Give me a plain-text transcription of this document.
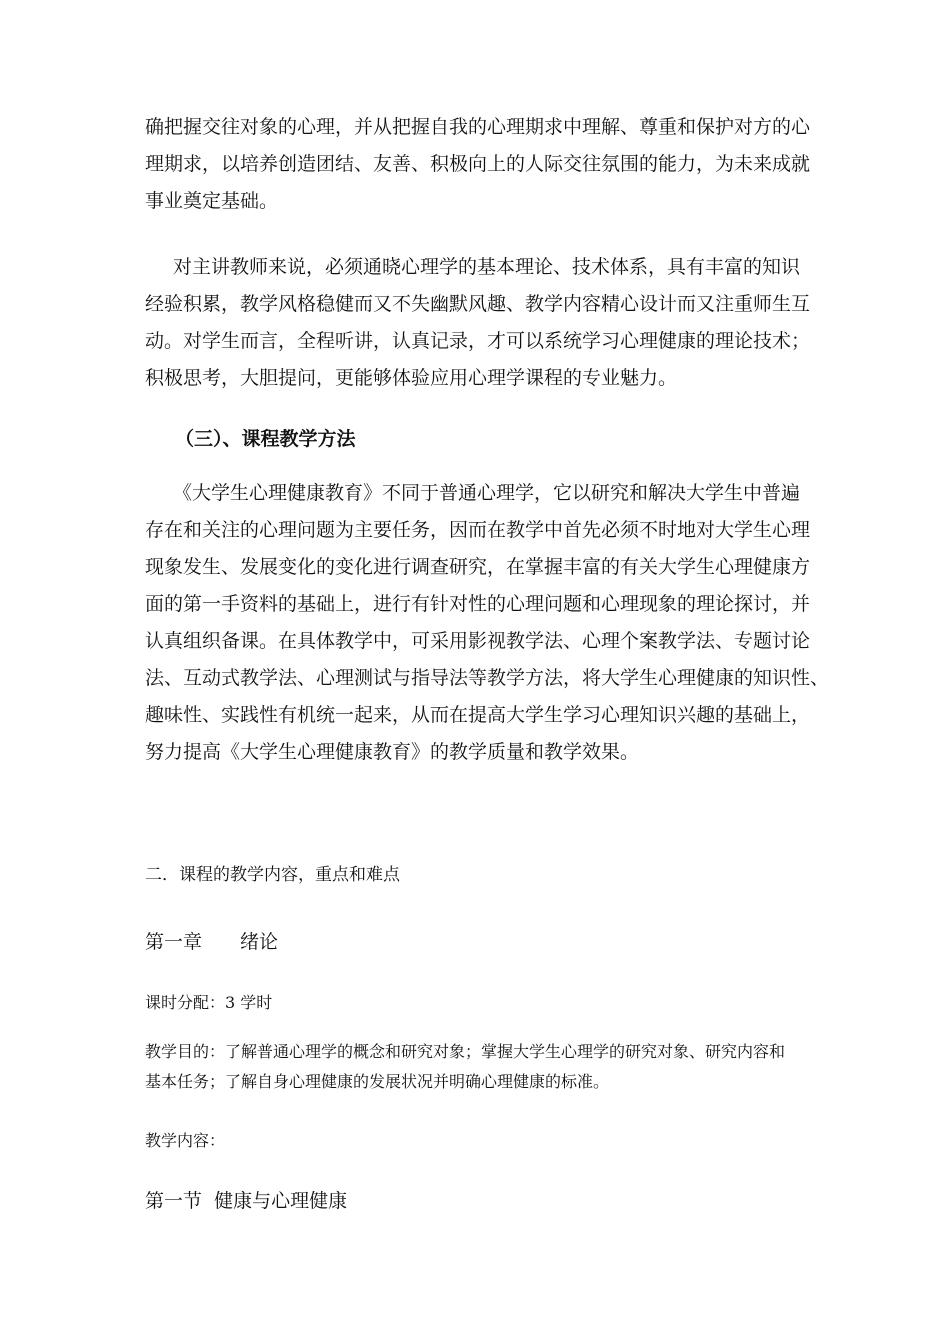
确把握交往对象的心理，并从把握自我的心理期求中理解、尊重和保护对方的心
理期求，以培养创造团结、友善、积极向上的人际交往氛围的能力，为未来成就
事业奠定基础。
对主讲教师来说，必须通晓心理学的基本理论、技术体系，具有丰富的知识
经验积累，教学风格稳健而又不失幽默风趣、教学内容精心设计而又注重师生互
动。对学生而言，全程听讲，认真记录，才可以系统学习心理健康的理论技术；
积极思考，大胆提问，更能够体验应用心理学课程的专业魅力。

（三）、课程教学方法

《大学生心理健康教育》不同于普通心理学，它以研究和解决大学生中普遍
存在和关注的心理问题为主要任务，因而在教学中首先必须不时地对大学生心理
现象发生、发展变化的变化进行调查研究，在掌握丰富的有关大学生心理健康方
面的第一手资料的基础上，进行有针对性的心理问题和心理现象的理论探讨，并
认真组织备课。在具体教学中，可采用影视教学法、心理个案教学法、专题讨论
法、互动式教学法、心理测试与指导法等教学方法，将大学生心理健康的知识性、
趣味性、实践性有机统一起来，从而在提高大学生学习心理知识兴趣的基础上，
努力提高《大学生心理健康教育》的教学质量和教学效果。

二．课程的教学内容，重点和难点

第一章　　绪论

课时分配：3 学时

教学目的：了解普通心理学的概念和研究对象；掌握大学生心理学的研究对象、研究内容和
基本任务；了解自身心理健康的发展状况并明确心理健康的标准。

教学内容：

第一节  健康与心理健康
